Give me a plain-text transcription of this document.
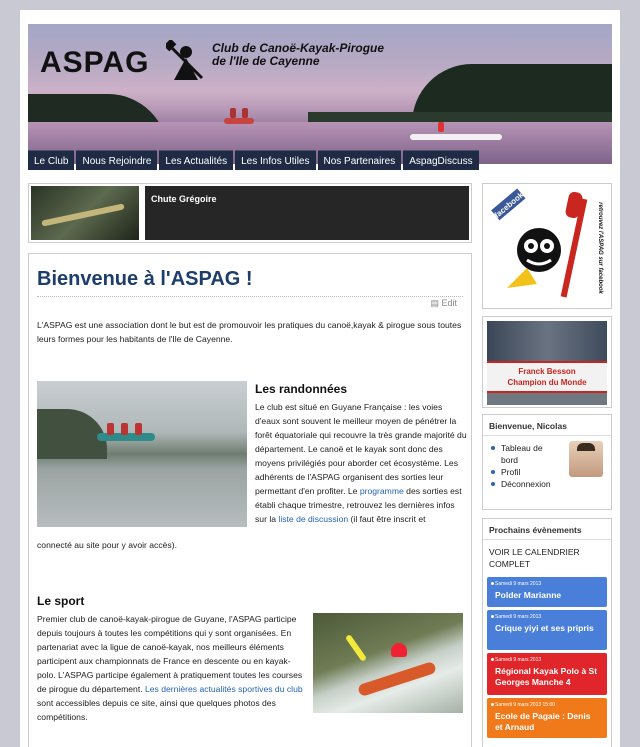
ASPAG	Club de Canoë-Kayak-Pirogue
de l'Ile de Cayenne
Le Club	Nous Rejoindre	Les Actualités	Les Infos Utiles	Nos Partenaires	AspagDiscuss
Chute Grégoire
Bienvenue à l'ASPAG !
▤ Edit

L'ASPAG est une association dont le but est de promouvoir les pratiques du canoë,kayak & pirogue sous toutes leurs formes pour les habitants de l'Ile de Cayenne.

Les randonnées

Le club est situé en Guyane Française : les voies d'eaux sont souvent le meilleur moyen de pénétrer la forêt équatoriale qui recouvre la très grande majorité du département. Le canoë et le kayak sont donc des moyens privilégiés pour aborder cet écosystème. Les adhérents de l'ASPAG organisent des sorties leur permettant d'en profiter. Le programme des sorties est établi chaque trimestre, retrouvez les dernières infos sur la liste de discussion (il faut être inscrit et

connecté au site pour y avoir accès).

Le sport

Premier club de canoë-kayak-pirogue de Guyane, l'ASPAG participe depuis toujours à toutes les compétitions qui y sont organisées. En partenariat avec la ligue de canoë-kayak, nos meilleurs éléments participent aux championnats de France en descente ou en kayak-polo. L'ASPAG participe également à pratiquement toutes les courses de pirogue du département. Les dernières actualités sportives du club sont accessibles depuis ce site, ainsi que quelques photos des compétitions.

facebook	retrouvez l'ASPAG sur facebook
Franck Besson
Champion du Monde
Bienvenue, Nicolas
Tableau de bord
Profil
Déconnexion
Prochains évènements
VOIR LE CALENDRIER COMPLET
Samedi 9 mars 2013
Polder Marianne
Samedi 9 mars 2013
Crique yiyi et ses pripris
Samedi 9 mars 2013
Régional Kayak Polo à St Georges Manche 4
Samedi 9 mars 2013 15:00
Ecole de Pagaie : Denis et Arnaud
